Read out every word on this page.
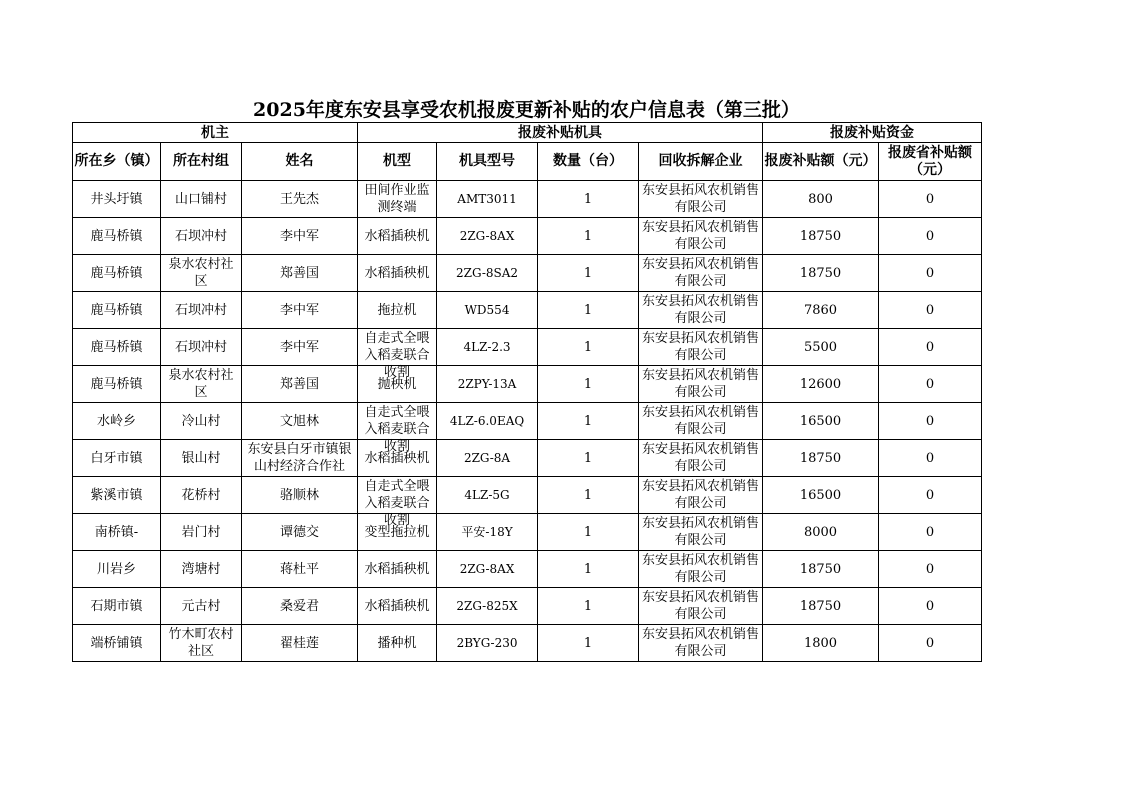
2025年度东安县享受农机报废更新补贴的农户信息表（第三批）
机主			报废补贴机具				报废补贴资金	
所在乡（镇）	所在村组	姓名	机型	机具型号	数量（台）	回收拆解企业	报废补贴额（元）	报废省补贴额（元）

井头圩镇	山口铺村	王先杰	田间作业监测终端	AMT3011	1	东安县拓风农机销售有限公司	800	0

鹿马桥镇	石坝冲村	李中军	水稻插秧机	2ZG-8AX	1	东安县拓风农机销售有限公司	18750	0

鹿马桥镇	泉水农村社区	郑善国	水稻插秧机	2ZG-8SA2	1	东安县拓风农机销售有限公司	18750	0

鹿马桥镇	石坝冲村	李中军	拖拉机	WD554	1	东安县拓风农机销售有限公司	7860	0

鹿马桥镇	石坝冲村	李中军	自走式全喂入稻麦联合收割	4LZ-2.3	1	东安县拓风农机销售有限公司	5500	0

鹿马桥镇	泉水农村社区	郑善国	抛秧机	2ZPY-13A	1	东安县拓风农机销售有限公司	12600	0

水岭乡	冷山村	文旭林	自走式全喂入稻麦联合收割	4LZ-6.0EAQ	1	东安县拓风农机销售有限公司	16500	0

白牙市镇	银山村	东安县白牙市镇银山村经济合作社	水稻插秧机	2ZG-8A	1	东安县拓风农机销售有限公司	18750	0

紫溪市镇	花桥村	骆顺林	自走式全喂入稻麦联合收割	4LZ-5G	1	东安县拓风农机销售有限公司	16500	0

南桥镇-	岩门村	谭德交	变型拖拉机	平安-18Y	1	东安县拓风农机销售有限公司	8000	0

川岩乡	湾塘村	蒋杜平	水稻插秧机	2ZG-8AX	1	东安县拓风农机销售有限公司	18750	0

石期市镇	元古村	桑爱君	水稻插秧机	2ZG-825X	1	东安县拓风农机销售有限公司	18750	0

端桥铺镇	竹木町农村社区	翟桂莲	播种机	2BYG-230	1	东安县拓风农机销售有限公司	1800	0
